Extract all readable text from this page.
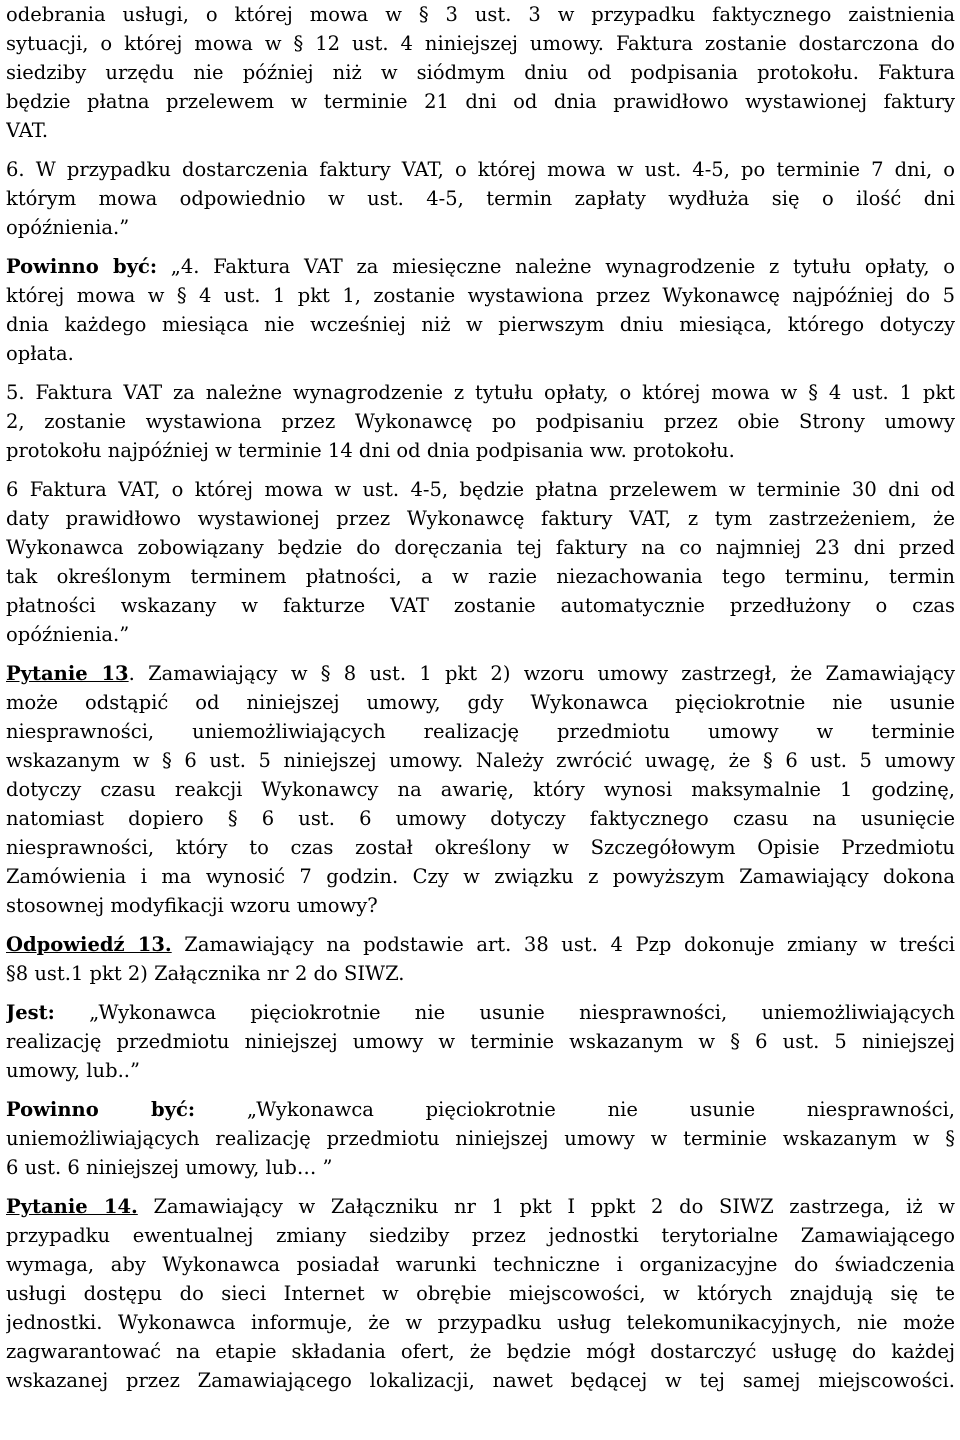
odebrania usługi, o której mowa w § 3 ust. 3 w przypadku faktycznego zaistnienia
sytuacji, o której mowa w § 12 ust. 4 niniejszej umowy. Faktura zostanie dostarczona do
siedziby urzędu nie później niż w siódmym dniu od podpisania protokołu. Faktura
będzie płatna przelewem w terminie 21 dni od dnia prawidłowo wystawionej faktury
VAT.
6. W przypadku dostarczenia faktury VAT, o której mowa w ust. 4-5, po terminie 7 dni, o
którym mowa odpowiednio w ust. 4-5, termin zapłaty wydłuża się o ilość dni
opóźnienia.”
Powinno być: „4. Faktura VAT za miesięczne należne wynagrodzenie z tytułu opłaty, o
której mowa w § 4 ust. 1 pkt 1, zostanie wystawiona przez Wykonawcę najpóźniej do 5
dnia każdego miesiąca nie wcześniej niż w pierwszym dniu miesiąca, którego dotyczy
opłata.
5. Faktura VAT za należne wynagrodzenie z tytułu opłaty, o której mowa w § 4 ust. 1 pkt
2, zostanie wystawiona przez Wykonawcę po podpisaniu przez obie Strony umowy
protokołu najpóźniej w terminie 14 dni od dnia podpisania ww. protokołu.
6 Faktura VAT, o której mowa w ust. 4-5, będzie płatna przelewem w terminie 30 dni od
daty prawidłowo wystawionej przez Wykonawcę faktury VAT, z tym zastrzeżeniem, że
Wykonawca zobowiązany będzie do doręczania tej faktury na co najmniej 23 dni przed
tak określonym terminem płatności, a w razie niezachowania tego terminu, termin
płatności wskazany w fakturze VAT zostanie automatycznie przedłużony o czas
opóźnienia.”
Pytanie 13. Zamawiający w § 8 ust. 1 pkt 2) wzoru umowy zastrzegł, że Zamawiający
może odstąpić od niniejszej umowy, gdy Wykonawca pięciokrotnie nie usunie
niesprawności, uniemożliwiających realizację przedmiotu umowy w terminie
wskazanym w § 6 ust. 5 niniejszej umowy. Należy zwrócić uwagę, że § 6 ust. 5 umowy
dotyczy czasu reakcji Wykonawcy na awarię, który wynosi maksymalnie 1 godzinę,
natomiast dopiero § 6 ust. 6 umowy dotyczy faktycznego czasu na usunięcie
niesprawności, który to czas został określony w Szczegółowym Opisie Przedmiotu
Zamówienia i ma wynosić 7 godzin. Czy w związku z powyższym Zamawiający dokona
stosownej modyfikacji wzoru umowy?
Odpowiedź 13. Zamawiający na podstawie art. 38 ust. 4 Pzp dokonuje zmiany w treści
§8 ust.1 pkt 2) Załącznika nr 2 do SIWZ.
Jest: „Wykonawca pięciokrotnie nie usunie niesprawności, uniemożliwiających
realizację przedmiotu niniejszej umowy w terminie wskazanym w § 6 ust. 5 niniejszej
umowy, lub..”
Powinno być: „Wykonawca pięciokrotnie nie usunie niesprawności,
uniemożliwiających realizację przedmiotu niniejszej umowy w terminie wskazanym w §
6 ust. 6 niniejszej umowy, lub… ”
Pytanie 14. Zamawiający w Załączniku nr 1 pkt I ppkt 2 do SIWZ zastrzega, iż w
przypadku ewentualnej zmiany siedziby przez jednostki terytorialne Zamawiającego
wymaga, aby Wykonawca posiadał warunki techniczne i organizacyjne do świadczenia
usługi dostępu do sieci Internet w obrębie miejscowości, w których znajdują się te
jednostki. Wykonawca informuje, że w przypadku usług telekomunikacyjnych, nie może
zagwarantować na etapie składania ofert, że będzie mógł dostarczyć usługę do każdej
wskazanej przez Zamawiającego lokalizacji, nawet będącej w tej samej miejscowości.
